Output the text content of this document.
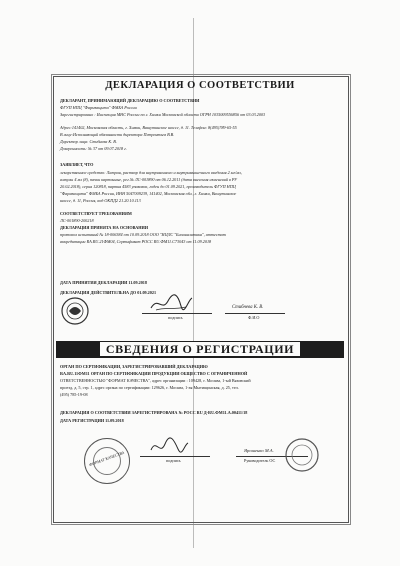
ДЕКЛАРАЦИЯ О СООТВЕТСТВИИ
ДЕКЛАРАНТ, ПРИНИМАЮЩИЙ ДЕКЛАРАЦИЮ О СООТВЕТСТВИИ
ФГУП НПЦ "Фармзащита" ФМБА России
Зарегистрировано : Инспекция МНС России по г. Химки Московской области ОГРН 1035009556856 от 03.03.2003
Адрес:141402, Московская область, г. Химки, Вашутинское шоссе, д. 11. Телефон: 8(495)789-65-55
В лице:Исполняющий обязанности директора Петрентьев В.В.
Директор лица: Стибнева К. В.
Доверенность: № 37 от 09.07.2018 г.
ЗАЯВЛЯЕТ, ЧТО
лекарственное средство: Латран, раствор для внутривенного и внутримышечного введения 2 мг/мл,
ампулы 4 мл (8), пачки картонные, рег.№ ЛС-001890 от 06.12.2011 (дата внесения изменений в РУ
20.02.2018), серия 120818, партия 4583 упаковок, годен до 01.09.2021, производитель ФГУП НПЦ
"Фармзащита" ФМБА России, ИНН 5047009239, 141402, Московская обл., г. Химки, Вашутинское
шоссе, д. 11, Россия, код ОКПД2 21.20.10.113
СООТВЕТСТВУЕТ ТРЕБОВАНИЯМ
ЛС-001890-200218
ДЕКЛАРАЦИЯ ПРИНЯТА НА ОСНОВАНИИ
протокол испытаний № 18-006384 от 10.09.2018 ООО "ИЦЛС "Биоаналитика", аттестат
аккредитации RA.RU.21ФМ04, Сертификат РОСС RU.ФМ11.С73043 от 11.09.2018
ДАТА ПРИНЯТИЯ ДЕКЛАРАЦИИ 11.09.2018
ДЕКЛАРАЦИЯ ДЕЙСТВИТЕЛЬНА ДО 01.09.2021
подпись
Стибнева К. В.
Ф.И.О
СВЕДЕНИЯ О РЕГИСТРАЦИИ
ОРГАН ПО СЕРТИФИКАЦИИ, ЗАРЕГИСТРИРОВАВШИЙ ДЕКЛАРАЦИЮ
RA.RU.11ФМ11 ОРГАН ПО СЕРТИФИКАЦИИ ПРОДУКЦИИ ОБЩЕСТВО С ОГРАНИЧЕННОЙ
ОТВЕТСТВЕННОСТЬЮ "ФОРМАТ КАЧЕСТВА", адрес организации : 109428, г. Москва, 1-ый Вязовский
проезд, д. 5, стр. 1, адрес органа по сертификации: 129626, г. Москва, 1-ая Мытищинская, д. 25, тел.
(495) 785-19-08
ДЕКЛАРАЦИЯ О СООТВЕТСТВИИ ЗАРЕГИСТРИРОВАНА № РОСС RU Д-RU.ФМ11.А.00411/18
ДАТА РЕГИСТРАЦИИ 11.09.2018
подпись
Ярошенко М.А.
Руководитель ОС
ФОРМАТ КАЧЕСТВА
